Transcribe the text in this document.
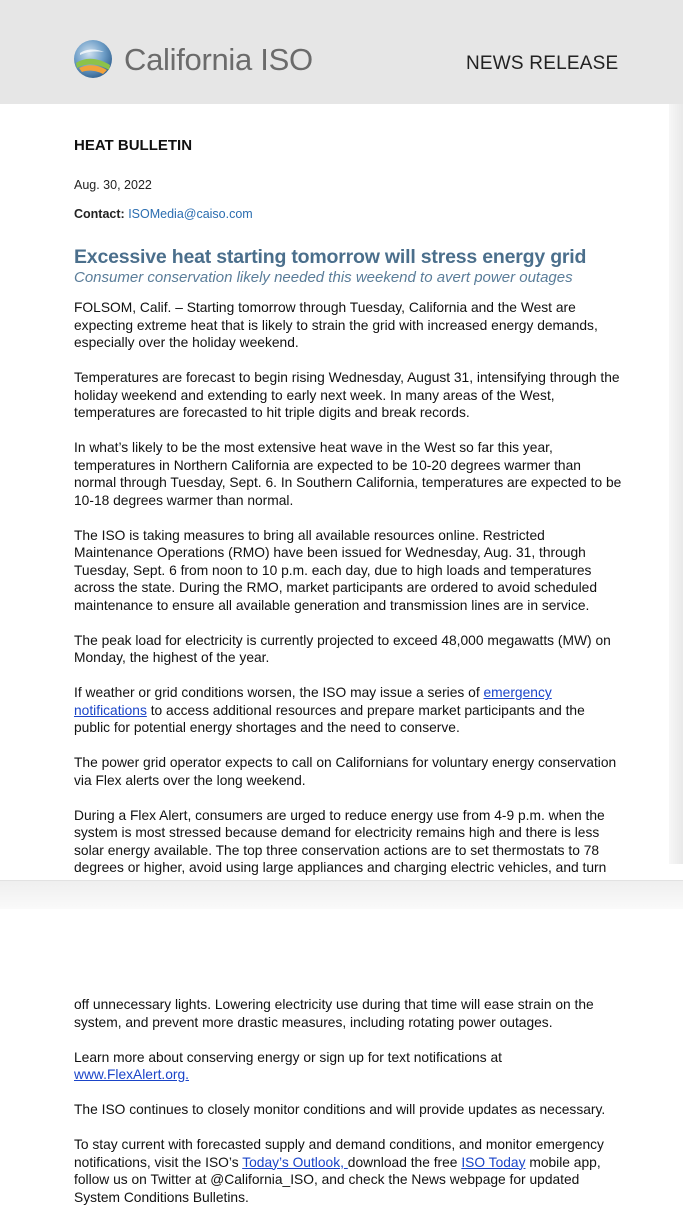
California ISO	NEWS RELEASE
HEAT BULLETIN
Aug. 30, 2022
Contact: ISOMedia@caiso.com
Excessive heat starting tomorrow will stress energy grid
Consumer conservation likely needed this weekend to avert power outages

FOLSOM, Calif. – Starting tomorrow through Tuesday, California and the West are expecting extreme heat that is likely to strain the grid with increased energy demands, especially over the holiday weekend.

Temperatures are forecast to begin rising Wednesday, August 31, intensifying through the holiday weekend and extending to early next week. In many areas of the West, temperatures are forecasted to hit triple digits and break records.

In what’s likely to be the most extensive heat wave in the West so far this year, temperatures in Northern California are expected to be 10-20 degrees warmer than normal through Tuesday, Sept. 6. In Southern California, temperatures are expected to be 10-18 degrees warmer than normal.

The ISO is taking measures to bring all available resources online. Restricted Maintenance Operations (RMO) have been issued for Wednesday, Aug. 31, through Tuesday, Sept. 6 from noon to 10 p.m. each day, due to high loads and temperatures across the state. During the RMO, market participants are ordered to avoid scheduled maintenance to ensure all available generation and transmission lines are in service.

The peak load for electricity is currently projected to exceed 48,000 megawatts (MW) on Monday, the highest of the year.

If weather or grid conditions worsen, the ISO may issue a series of emergency notifications to access additional resources and prepare market participants and the public for potential energy shortages and the need to conserve.

The power grid operator expects to call on Californians for voluntary energy conservation via Flex alerts over the long weekend.

During a Flex Alert, consumers are urged to reduce energy use from 4-9 p.m. when the system is most stressed because demand for electricity remains high and there is less solar energy available. The top three conservation actions are to set thermostats to 78 degrees or higher, avoid using large appliances and charging electric vehicles, and turn

off unnecessary lights. Lowering electricity use during that time will ease strain on the system, and prevent more drastic measures, including rotating power outages.

Learn more about conserving energy or sign up for text notifications at
www.FlexAlert.org.

The ISO continues to closely monitor conditions and will provide updates as necessary.

To stay current with forecasted supply and demand conditions, and monitor emergency notifications, visit the ISO’s Today’s Outlook, download the free ISO Today mobile app, follow us on Twitter at @California_ISO, and check the News webpage for updated System Conditions Bulletins.
